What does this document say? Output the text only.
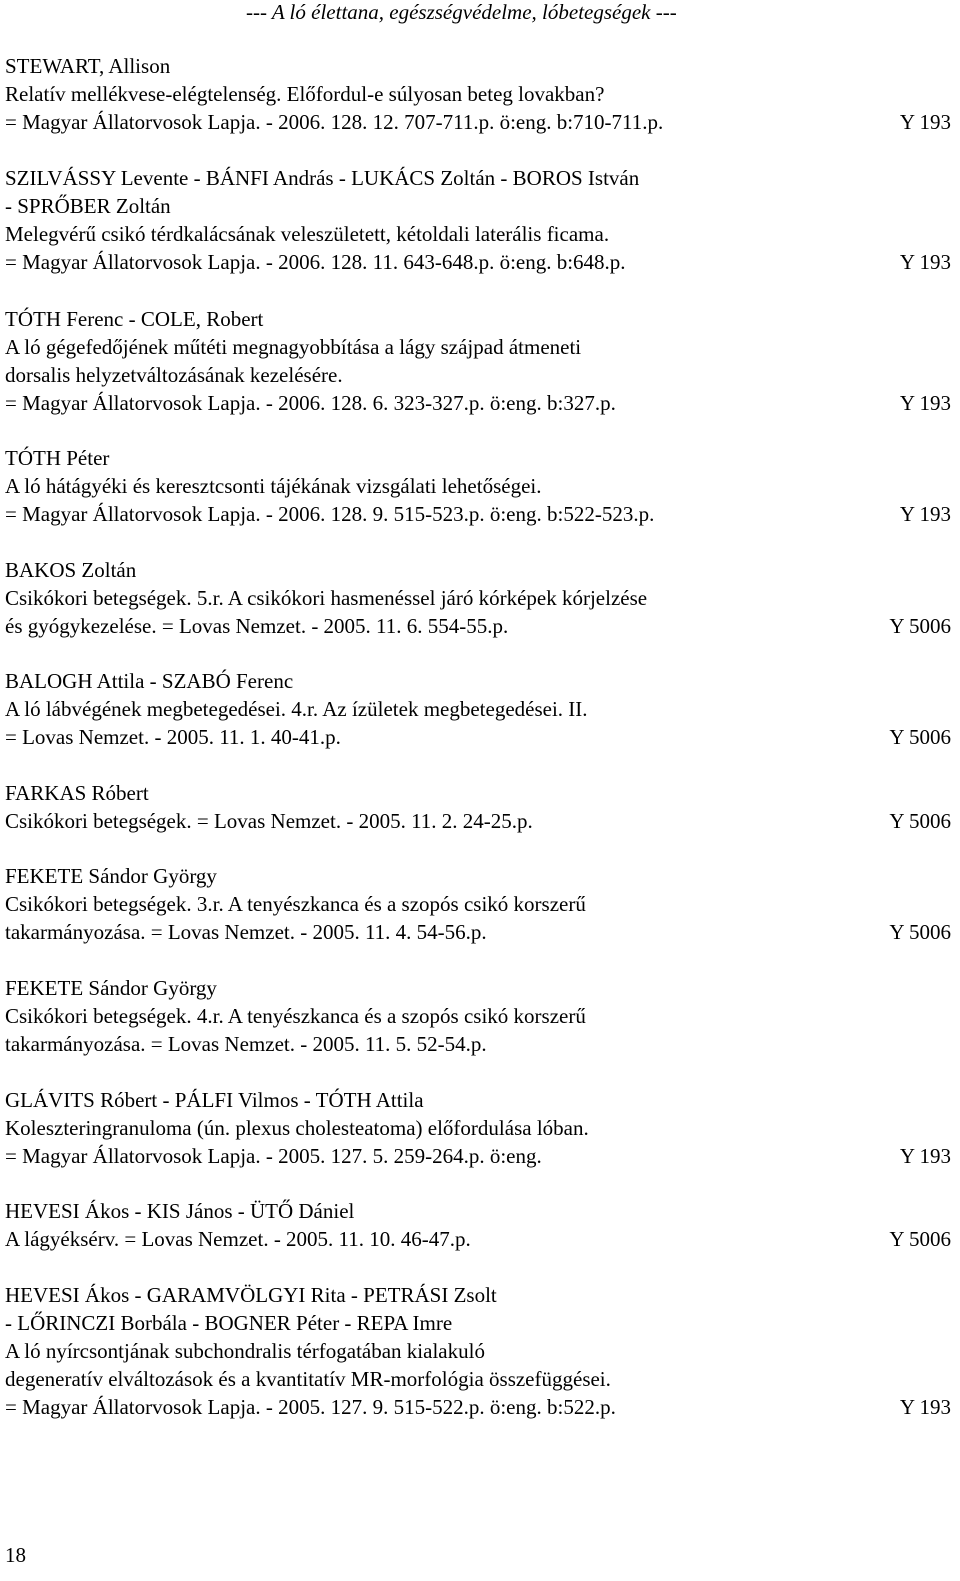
--- A ló élettana, egészségvédelme, lóbetegségek ---
STEWART, Allison
Relatív mellékvese-elégtelenség. Előfordul-e súlyosan beteg lovakban?
= Magyar Állatorvosok Lapja. - 2006. 128. 12. 707-711.p. ö:eng. b:710-711.p.	Y 193
SZILVÁSSY Levente - BÁNFI András - LUKÁCS Zoltán - BOROS István
- SPRŐBER Zoltán
Melegvérű csikó térdkalácsának veleszületett, kétoldali laterális ficama.
= Magyar Állatorvosok Lapja. - 2006. 128. 11. 643-648.p. ö:eng. b:648.p.	Y 193
TÓTH Ferenc - COLE, Robert
A ló gégefedőjének műtéti megnagyobbítása a lágy szájpad átmeneti
dorsalis helyzetváltozásának kezelésére.
= Magyar Állatorvosok Lapja. - 2006. 128. 6. 323-327.p. ö:eng. b:327.p.	Y 193
TÓTH Péter
A ló hátágyéki és keresztcsonti tájékának vizsgálati lehetőségei.
= Magyar Állatorvosok Lapja. - 2006. 128. 9. 515-523.p. ö:eng. b:522-523.p.	Y 193
BAKOS Zoltán
Csikókori betegségek. 5.r. A csikókori hasmenéssel járó kórképek kórjelzése
és gyógykezelése. = Lovas Nemzet. - 2005. 11. 6. 554-55.p.	Y 5006
BALOGH Attila - SZABÓ Ferenc
A ló lábvégének megbetegedései. 4.r. Az ízületek megbetegedései. II.
= Lovas Nemzet. - 2005. 11. 1. 40-41.p.	Y 5006
FARKAS Róbert
Csikókori betegségek. = Lovas Nemzet. - 2005. 11. 2. 24-25.p.	Y 5006
FEKETE Sándor György
Csikókori betegségek. 3.r. A tenyészkanca és a szopós csikó korszerű
takarmányozása. = Lovas Nemzet. - 2005. 11. 4. 54-56.p.	Y 5006
FEKETE Sándor György
Csikókori betegségek. 4.r. A tenyészkanca és a szopós csikó korszerű
takarmányozása. = Lovas Nemzet. - 2005. 11. 5. 52-54.p.
GLÁVITS Róbert - PÁLFI Vilmos - TÓTH Attila
Koleszteringranuloma (ún. plexus cholesteatoma) előfordulása lóban.
= Magyar Állatorvosok Lapja. - 2005. 127. 5. 259-264.p. ö:eng.	Y 193
HEVESI Ákos - KIS János - ÜTŐ Dániel
A lágyéksérv. = Lovas Nemzet. - 2005. 11. 10. 46-47.p.	Y 5006
HEVESI Ákos - GARAMVÖLGYI Rita - PETRÁSI Zsolt
- LŐRINCZI Borbála - BOGNER Péter - REPA Imre
A ló nyírcsontjának subchondralis térfogatában kialakuló
degeneratív elváltozások és a kvantitatív MR-morfológia összefüggései.
= Magyar Állatorvosok Lapja. - 2005. 127. 9. 515-522.p. ö:eng. b:522.p.	Y 193
18
